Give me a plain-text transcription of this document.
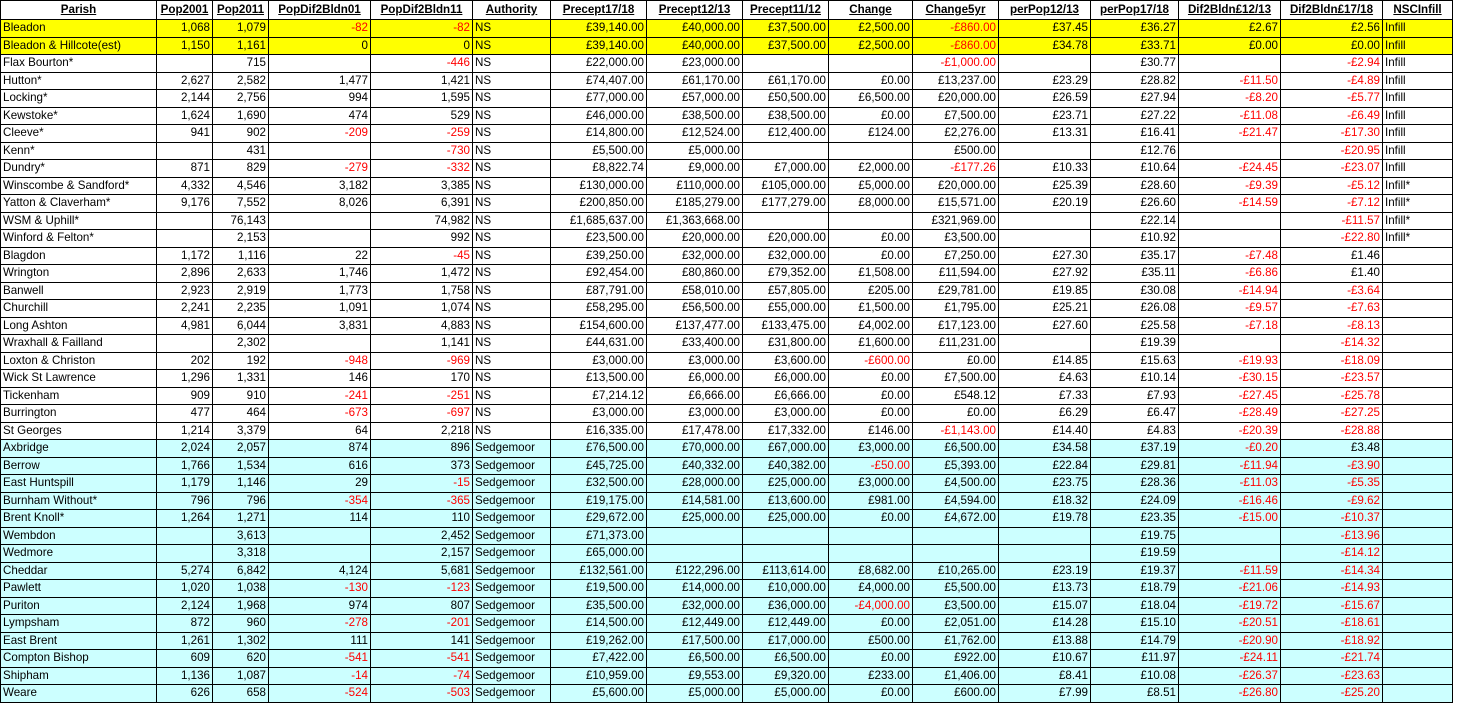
Parish	Pop2001	Pop2011	PopDif2Bldn01	PopDif2Bldn11	Authority	Precept17/18	Precept12/13	Precept11/12	Change	Change5yr	perPop12/13	perPop17/18	Dif2Bldn£12/13	Dif2Bldn£17/18	NSCInfill
Bleadon	1,068	1,079	-82	-82	NS	£39,140.00	£40,000.00	£37,500.00	£2,500.00	-£860.00	£37.45	£36.27	£2.67	£2.56	Infill
Bleadon & Hillcote(est)	1,150	1,161	0	0	NS	£39,140.00	£40,000.00	£37,500.00	£2,500.00	-£860.00	£34.78	£33.71	£0.00	£0.00	Infill
Flax Bourton*		715		-446	NS	£22,000.00	£23,000.00			-£1,000.00		£30.77		-£2.94	Infill
Hutton*	2,627	2,582	1,477	1,421	NS	£74,407.00	£61,170.00	£61,170.00	£0.00	£13,237.00	£23.29	£28.82	-£11.50	-£4.89	Infill
Locking*	2,144	2,756	994	1,595	NS	£77,000.00	£57,000.00	£50,500.00	£6,500.00	£20,000.00	£26.59	£27.94	-£8.20	-£5.77	Infill
Kewstoke*	1,624	1,690	474	529	NS	£46,000.00	£38,500.00	£38,500.00	£0.00	£7,500.00	£23.71	£27.22	-£11.08	-£6.49	Infill
Cleeve*	941	902	-209	-259	NS	£14,800.00	£12,524.00	£12,400.00	£124.00	£2,276.00	£13.31	£16.41	-£21.47	-£17.30	Infill
Kenn*		431		-730	NS	£5,500.00	£5,000.00			£500.00		£12.76		-£20.95	Infill
Dundry*	871	829	-279	-332	NS	£8,822.74	£9,000.00	£7,000.00	£2,000.00	-£177.26	£10.33	£10.64	-£24.45	-£23.07	Infill
Winscombe & Sandford*	4,332	4,546	3,182	3,385	NS	£130,000.00	£110,000.00	£105,000.00	£5,000.00	£20,000.00	£25.39	£28.60	-£9.39	-£5.12	Infill*
Yatton & Claverham*	9,176	7,552	8,026	6,391	NS	£200,850.00	£185,279.00	£177,279.00	£8,000.00	£15,571.00	£20.19	£26.60	-£14.59	-£7.12	Infill*
WSM & Uphill*		76,143		74,982	NS	£1,685,637.00	£1,363,668.00			£321,969.00		£22.14		-£11.57	Infill*
Winford & Felton*		2,153		992	NS	£23,500.00	£20,000.00	£20,000.00	£0.00	£3,500.00		£10.92		-£22.80	Infill*
Blagdon	1,172	1,116	22	-45	NS	£39,250.00	£32,000.00	£32,000.00	£0.00	£7,250.00	£27.30	£35.17	-£7.48	£1.46	
Wrington	2,896	2,633	1,746	1,472	NS	£92,454.00	£80,860.00	£79,352.00	£1,508.00	£11,594.00	£27.92	£35.11	-£6.86	£1.40	
Banwell	2,923	2,919	1,773	1,758	NS	£87,791.00	£58,010.00	£57,805.00	£205.00	£29,781.00	£19.85	£30.08	-£14.94	-£3.64	
Churchill	2,241	2,235	1,091	1,074	NS	£58,295.00	£56,500.00	£55,000.00	£1,500.00	£1,795.00	£25.21	£26.08	-£9.57	-£7.63	
Long Ashton	4,981	6,044	3,831	4,883	NS	£154,600.00	£137,477.00	£133,475.00	£4,002.00	£17,123.00	£27.60	£25.58	-£7.18	-£8.13	
Wraxhall & Failland		2,302		1,141	NS	£44,631.00	£33,400.00	£31,800.00	£1,600.00	£11,231.00		£19.39		-£14.32	
Loxton & Christon	202	192	-948	-969	NS	£3,000.00	£3,000.00	£3,600.00	-£600.00	£0.00	£14.85	£15.63	-£19.93	-£18.09	
Wick St Lawrence	1,296	1,331	146	170	NS	£13,500.00	£6,000.00	£6,000.00	£0.00	£7,500.00	£4.63	£10.14	-£30.15	-£23.57	
Tickenham	909	910	-241	-251	NS	£7,214.12	£6,666.00	£6,666.00	£0.00	£548.12	£7.33	£7.93	-£27.45	-£25.78	
Burrington	477	464	-673	-697	NS	£3,000.00	£3,000.00	£3,000.00	£0.00	£0.00	£6.29	£6.47	-£28.49	-£27.25	
St Georges	1,214	3,379	64	2,218	NS	£16,335.00	£17,478.00	£17,332.00	£146.00	-£1,143.00	£14.40	£4.83	-£20.39	-£28.88	
Axbridge	2,024	2,057	874	896	Sedgemoor	£76,500.00	£70,000.00	£67,000.00	£3,000.00	£6,500.00	£34.58	£37.19	-£0.20	£3.48	
Berrow	1,766	1,534	616	373	Sedgemoor	£45,725.00	£40,332.00	£40,382.00	-£50.00	£5,393.00	£22.84	£29.81	-£11.94	-£3.90	
East Huntspill	1,179	1,146	29	-15	Sedgemoor	£32,500.00	£28,000.00	£25,000.00	£3,000.00	£4,500.00	£23.75	£28.36	-£11.03	-£5.35	
Burnham Without*	796	796	-354	-365	Sedgemoor	£19,175.00	£14,581.00	£13,600.00	£981.00	£4,594.00	£18.32	£24.09	-£16.46	-£9.62	
Brent Knoll*	1,264	1,271	114	110	Sedgemoor	£29,672.00	£25,000.00	£25,000.00	£0.00	£4,672.00	£19.78	£23.35	-£15.00	-£10.37	
Wembdon		3,613		2,452	Sedgemoor	£71,373.00						£19.75		-£13.96	
Wedmore		3,318		2,157	Sedgemoor	£65,000.00						£19.59		-£14.12	
Cheddar	5,274	6,842	4,124	5,681	Sedgemoor	£132,561.00	£122,296.00	£113,614.00	£8,682.00	£10,265.00	£23.19	£19.37	-£11.59	-£14.34	
Pawlett	1,020	1,038	-130	-123	Sedgemoor	£19,500.00	£14,000.00	£10,000.00	£4,000.00	£5,500.00	£13.73	£18.79	-£21.06	-£14.93	
Puriton	2,124	1,968	974	807	Sedgemoor	£35,500.00	£32,000.00	£36,000.00	-£4,000.00	£3,500.00	£15.07	£18.04	-£19.72	-£15.67	
Lympsham	872	960	-278	-201	Sedgemoor	£14,500.00	£12,449.00	£12,449.00	£0.00	£2,051.00	£14.28	£15.10	-£20.51	-£18.61	
East Brent	1,261	1,302	111	141	Sedgemoor	£19,262.00	£17,500.00	£17,000.00	£500.00	£1,762.00	£13.88	£14.79	-£20.90	-£18.92	
Compton Bishop	609	620	-541	-541	Sedgemoor	£7,422.00	£6,500.00	£6,500.00	£0.00	£922.00	£10.67	£11.97	-£24.11	-£21.74	
Shipham	1,136	1,087	-14	-74	Sedgemoor	£10,959.00	£9,553.00	£9,320.00	£233.00	£1,406.00	£8.41	£10.08	-£26.37	-£23.63	
Weare	626	658	-524	-503	Sedgemoor	£5,600.00	£5,000.00	£5,000.00	£0.00	£600.00	£7.99	£8.51	-£26.80	-£25.20	
